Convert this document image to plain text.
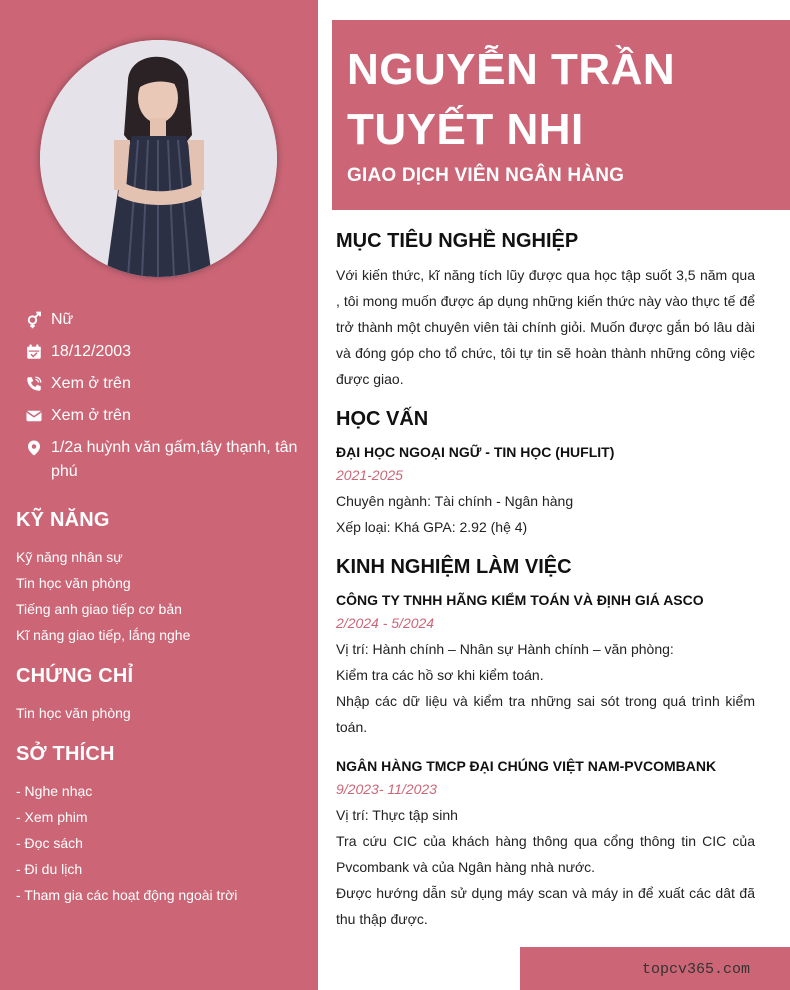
Nữ
18/12/2003
Xem ở trên
Xem ở trên
1/2a huỳnh văn gấm,tây thạnh, tân phú
KỸ NĂNG
Kỹ năng nhân sự
Tin học văn phòng
Tiếng anh giao tiếp cơ bản
Kĩ năng giao tiếp, lắng nghe
CHỨNG CHỈ
Tin học văn phòng
SỞ THÍCH
- Nghe nhạc
- Xem phim
- Đọc sách
- Đi du lịch
- Tham gia các hoạt động ngoài trời
NGUYỄN TRẦN TUYẾT NHI
GIAO DỊCH VIÊN NGÂN HÀNG
MỤC TIÊU NGHỀ NGHIỆP
Với kiến thức, kĩ năng tích lũy được qua học tập suốt 3,5 năm qua , tôi mong muốn được áp dụng những kiến thức này vào thực tế để trở thành một chuyên viên tài chính giỏi. Muốn được gắn bó lâu dài và đóng góp cho tổ chức, tôi tự tin sẽ hoàn thành những công việc được giao.
HỌC VẤN
ĐẠI HỌC NGOẠI NGỮ - TIN HỌC (HUFLIT)
2021-2025
Chuyên ngành: Tài chính - Ngân hàng
Xếp loại: Khá GPA: 2.92 (hệ 4)
KINH NGHIỆM LÀM VIỆC
CÔNG TY TNHH HÃNG KIỂM TOÁN VÀ ĐỊNH GIÁ ASCO
2/2024 - 5/2024
Vị trí: Hành chính – Nhân sự Hành chính – văn phòng:
Kiểm tra các hồ sơ khi kiểm toán.
Nhập các dữ liệu và kiểm tra những sai sót trong quá trình kiểm toán.
NGÂN HÀNG TMCP ĐẠI CHÚNG VIỆT NAM-PVCOMBANK
9/2023- 11/2023
Vị trí: Thực tập sinh
Tra cứu CIC của khách hàng thông qua cổng thông tin CIC của Pvcombank và của Ngân hàng nhà nước.
Được hướng dẫn sử dụng máy scan và máy in để xuất các dât đã thu thập được.
topcv365.com
